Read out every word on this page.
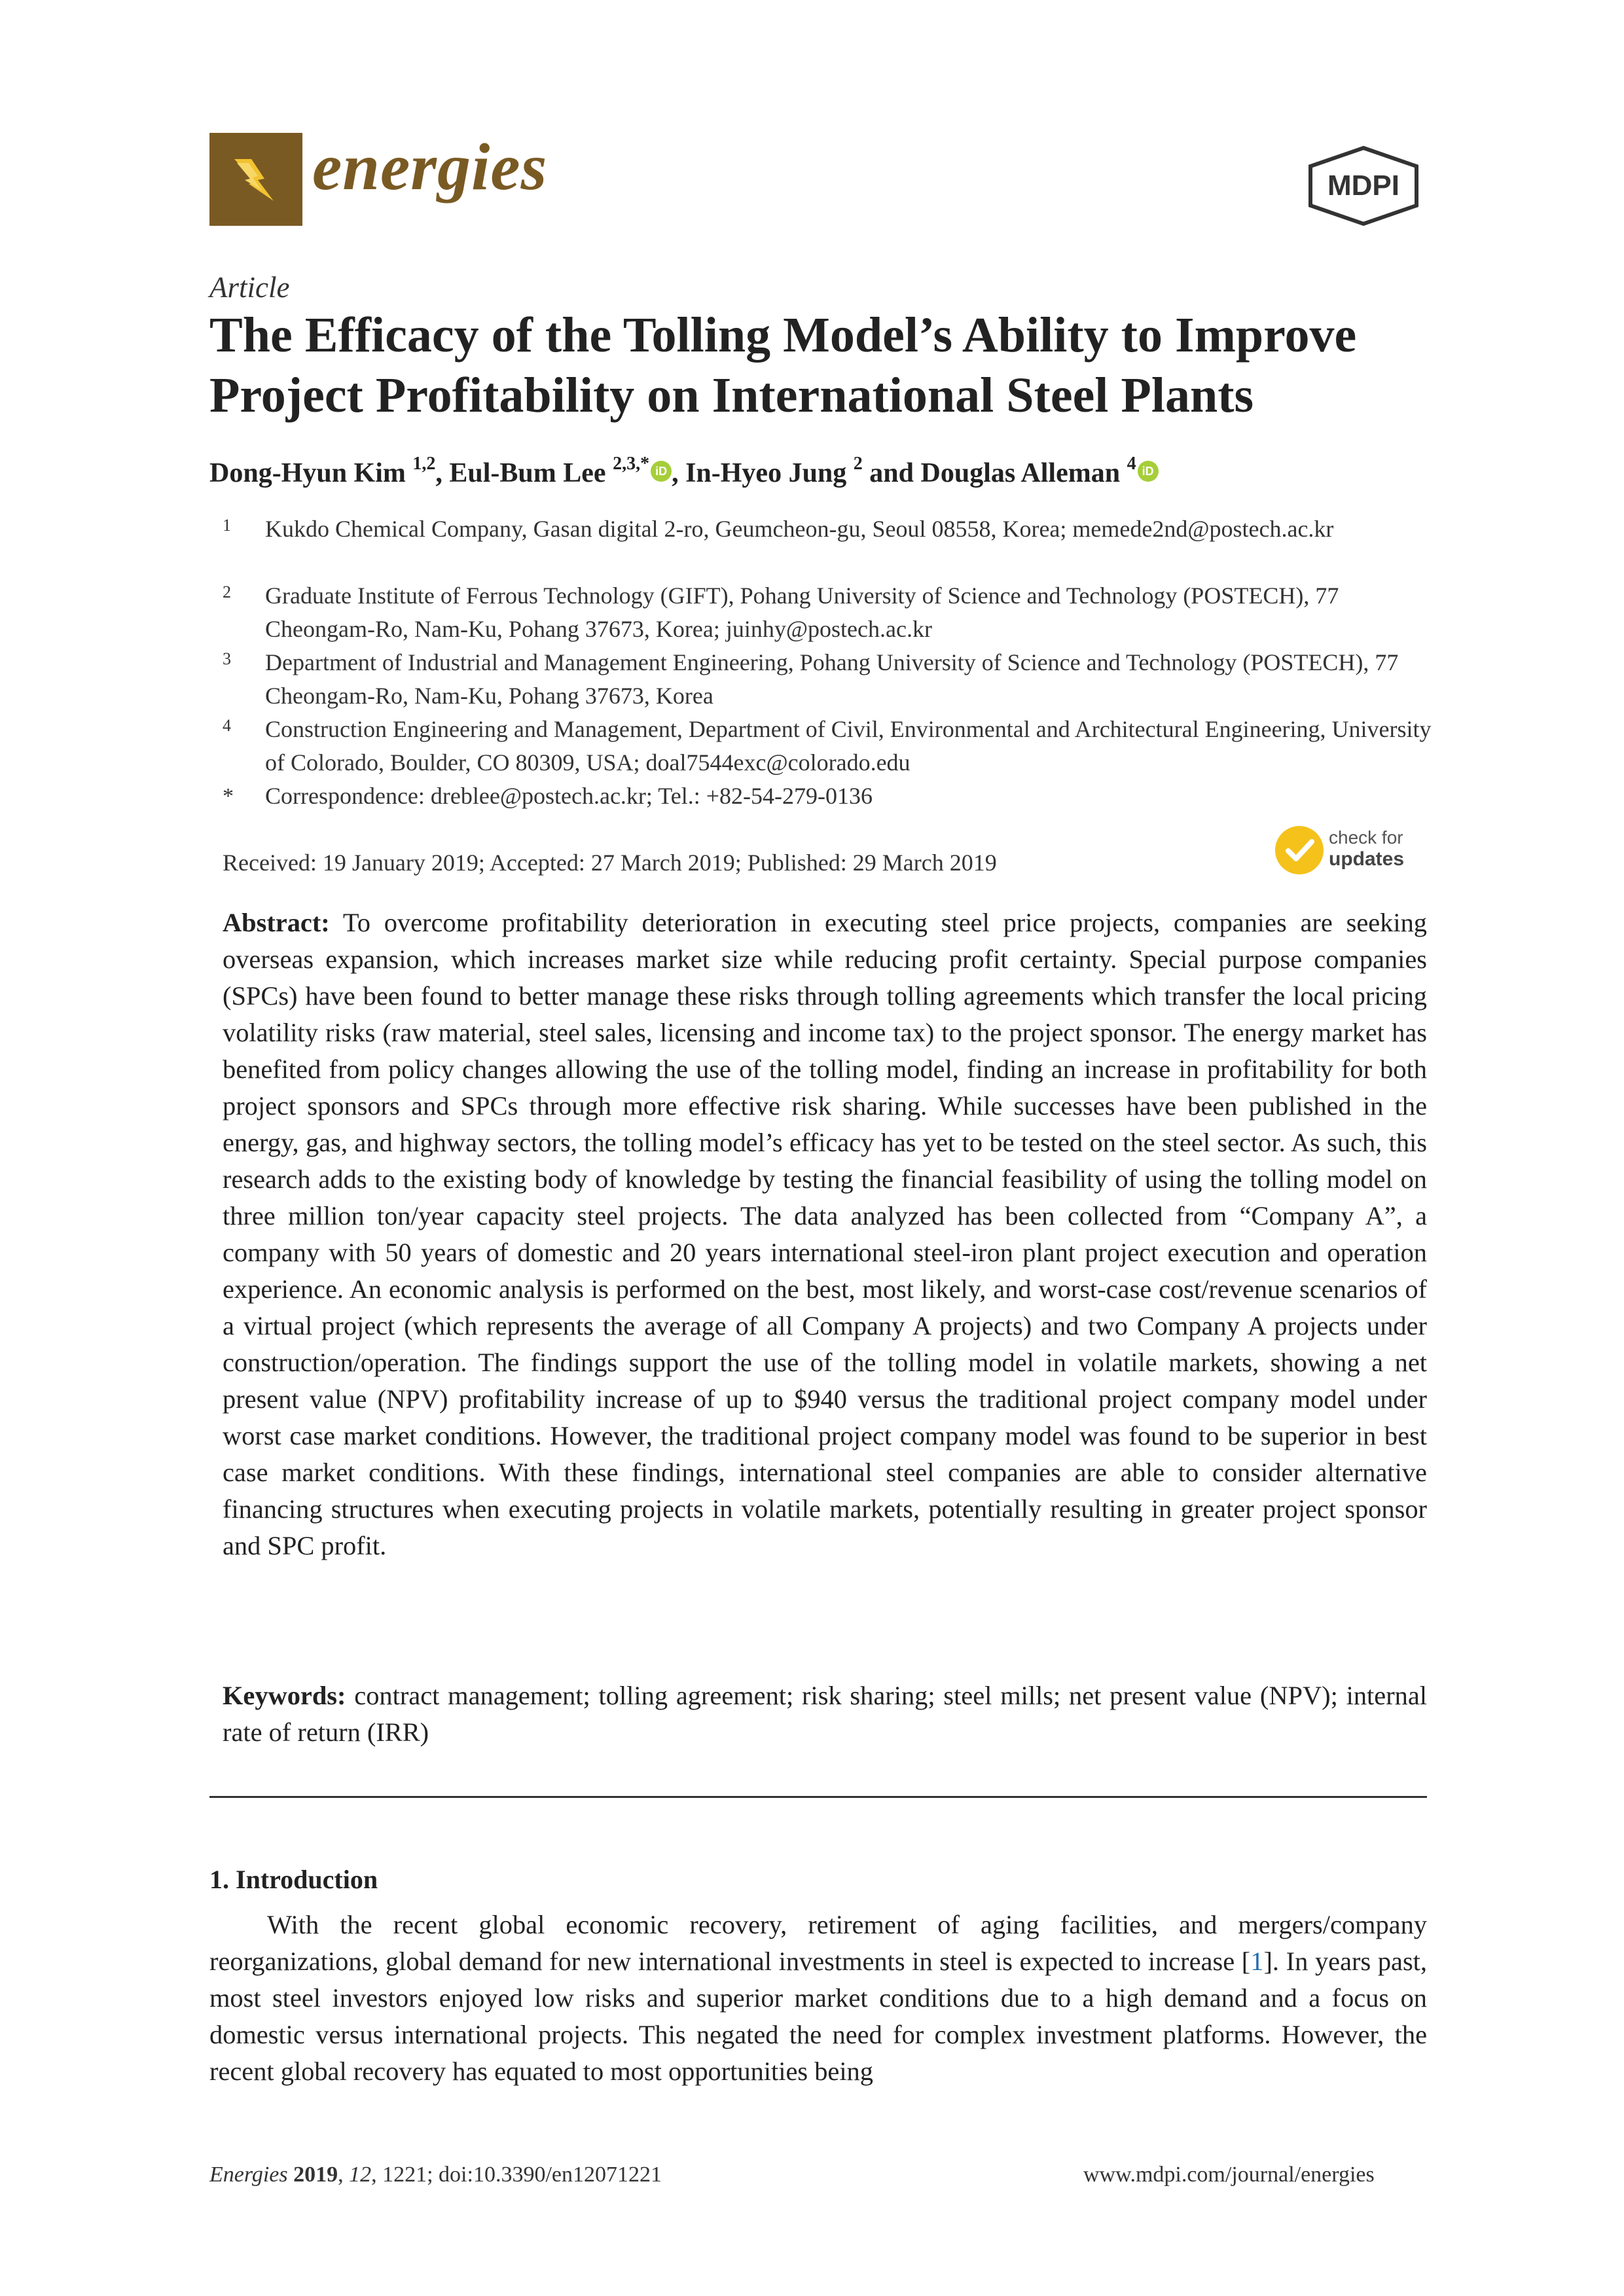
energies	MDPI
Article
The Efficacy of the Tolling Model’s Ability to Improve Project Profitability on International Steel Plants
Dong-Hyun Kim $^{1,2}$, Eul-Bum Lee $^{2,3,*}$ iD , In-Hyeo Jung $^2$ and Douglas Alleman $^4$ iD
1 Kukdo Chemical Company, Gasan digital 2-ro, Geumcheon-gu, Seoul 08558, Korea; memede2nd@postech.ac.kr
2 Graduate Institute of Ferrous Technology (GIFT), Pohang University of Science and Technology (POSTECH), 77 Cheongam-Ro, Nam-Ku, Pohang 37673, Korea; juinhy@postech.ac.kr
3 Department of Industrial and Management Engineering, Pohang University of Science and Technology (POSTECH), 77 Cheongam-Ro, Nam-Ku, Pohang 37673, Korea
4 Construction Engineering and Management, Department of Civil, Environmental and Architectural Engineering, University of Colorado, Boulder, CO 80309, USA; doal7544exc@colorado.edu
* Correspondence: dreblee@postech.ac.kr; Tel.: +82-54-279-0136
Received: 19 January 2019; Accepted: 27 March 2019; Published: 29 March 2019
check for
updates
Abstract: To overcome profitability deterioration in executing steel price projects, companies are seeking overseas expansion, which increases market size while reducing profit certainty. Special purpose companies (SPCs) have been found to better manage these risks through tolling agreements which transfer the local pricing volatility risks (raw material, steel sales, licensing and income tax) to the project sponsor. The energy market has benefited from policy changes allowing the use of the tolling model, finding an increase in profitability for both project sponsors and SPCs through more effective risk sharing. While successes have been published in the energy, gas, and highway sectors, the tolling model’s efficacy has yet to be tested on the steel sector. As such, this research adds to the existing body of knowledge by testing the financial feasibility of using the tolling model on three million ton/year capacity steel projects. The data analyzed has been collected from “Company A”, a company with 50 years of domestic and 20 years international steel-iron plant project execution and operation experience. An economic analysis is performed on the best, most likely, and worst-case cost/revenue scenarios of a virtual project (which represents the average of all Company A projects) and two Company A projects under construction/operation. The findings support the use of the tolling model in volatile markets, showing a net present value (NPV) profitability increase of up to $940 versus the traditional project company model under worst case market conditions. However, the traditional project company model was found to be superior in best case market conditions. With these findings, international steel companies are able to consider alternative financing structures when executing projects in volatile markets, potentially resulting in greater project sponsor and SPC profit.
Keywords: contract management; tolling agreement; risk sharing; steel mills; net present value (NPV); internal rate of return (IRR)
1. Introduction
With the recent global economic recovery, retirement of aging facilities, and mergers/company reorganizations, global demand for new international investments in steel is expected to increase [1]. In years past, most steel investors enjoyed low risks and superior market conditions due to a high demand and a focus on domestic versus international projects. This negated the need for complex investment platforms. However, the recent global recovery has equated to most opportunities being
Energies 2019, 12, 1221; doi:10.3390/en12071221	www.mdpi.com/journal/energies
